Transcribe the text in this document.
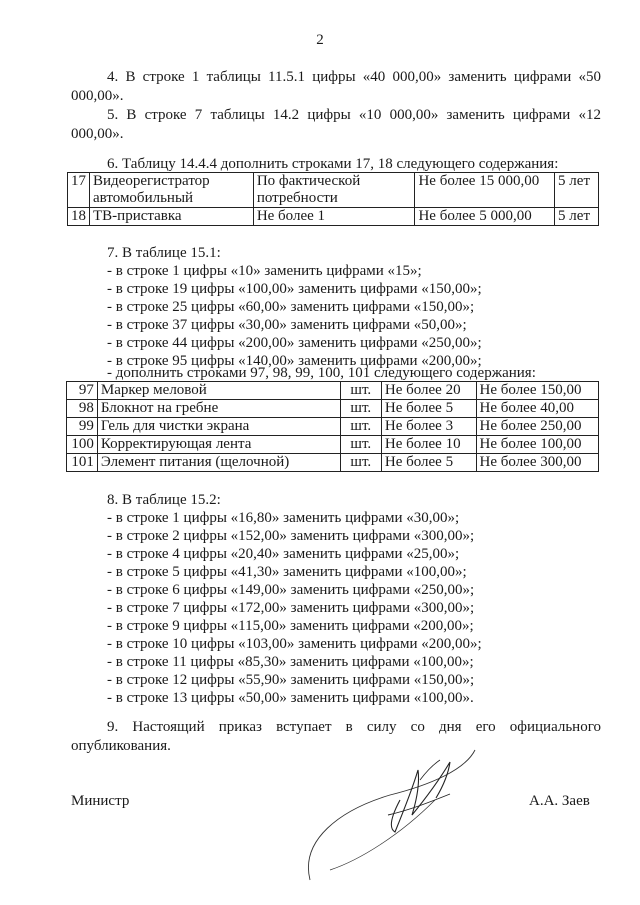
2
4. В строке 1 таблицы 11.5.1 цифры «40 000,00» заменить цифрами «50 000,00».
5. В строке 7 таблицы 14.2 цифры «10 000,00» заменить цифрами «12 000,00».
6. Таблицу 14.4.4 дополнить строками 17, 18 следующего содержания:
17	Видеорегистратор автомобильный	По фактической потребности	Не более 15 000,00	5 лет
18	ТВ-приставка	Не более 1	Не более 5 000,00	5 лет
7. В таблице 15.1:
- в строке 1 цифры «10» заменить цифрами «15»;
- в строке 19 цифры «100,00» заменить цифрами «150,00»;
- в строке 25 цифры «60,00» заменить цифрами «150,00»;
- в строке 37 цифры «30,00» заменить цифрами «50,00»;
- в строке 44 цифры «200,00» заменить цифрами «250,00»;
- в строке 95 цифры «140,00» заменить цифрами «200,00»;
- дополнить строками 97, 98, 99, 100, 101 следующего содержания:
97	Маркер меловой	шт.	Не более 20	Не более 150,00
98	Блокнот на гребне	шт.	Не более 5	Не более 40,00
99	Гель для чистки экрана	шт.	Не более 3	Не более 250,00
100	Корректирующая лента	шт.	Не более 10	Не более 100,00
101	Элемент питания (щелочной)	шт.	Не более 5	Не более 300,00
8. В таблице 15.2:
- в строке 1 цифры «16,80» заменить цифрами «30,00»;
- в строке 2 цифры «152,00» заменить цифрами «300,00»;
- в строке 4 цифры «20,40» заменить цифрами «25,00»;
- в строке 5 цифры «41,30» заменить цифрами «100,00»;
- в строке 6 цифры «149,00» заменить цифрами «250,00»;
- в строке 7 цифры «172,00» заменить цифрами «300,00»;
- в строке 9 цифры «115,00» заменить цифрами «200,00»;
- в строке 10 цифры «103,00» заменить цифрами «200,00»;
- в строке 11 цифры «85,30» заменить цифрами «100,00»;
- в строке 12 цифры «55,90» заменить цифрами «150,00»;
- в строке 13 цифры «50,00» заменить цифрами «100,00».
9. Настоящий приказ вступает в силу со дня его официального опубликования.
Министр	А.А. Заев
